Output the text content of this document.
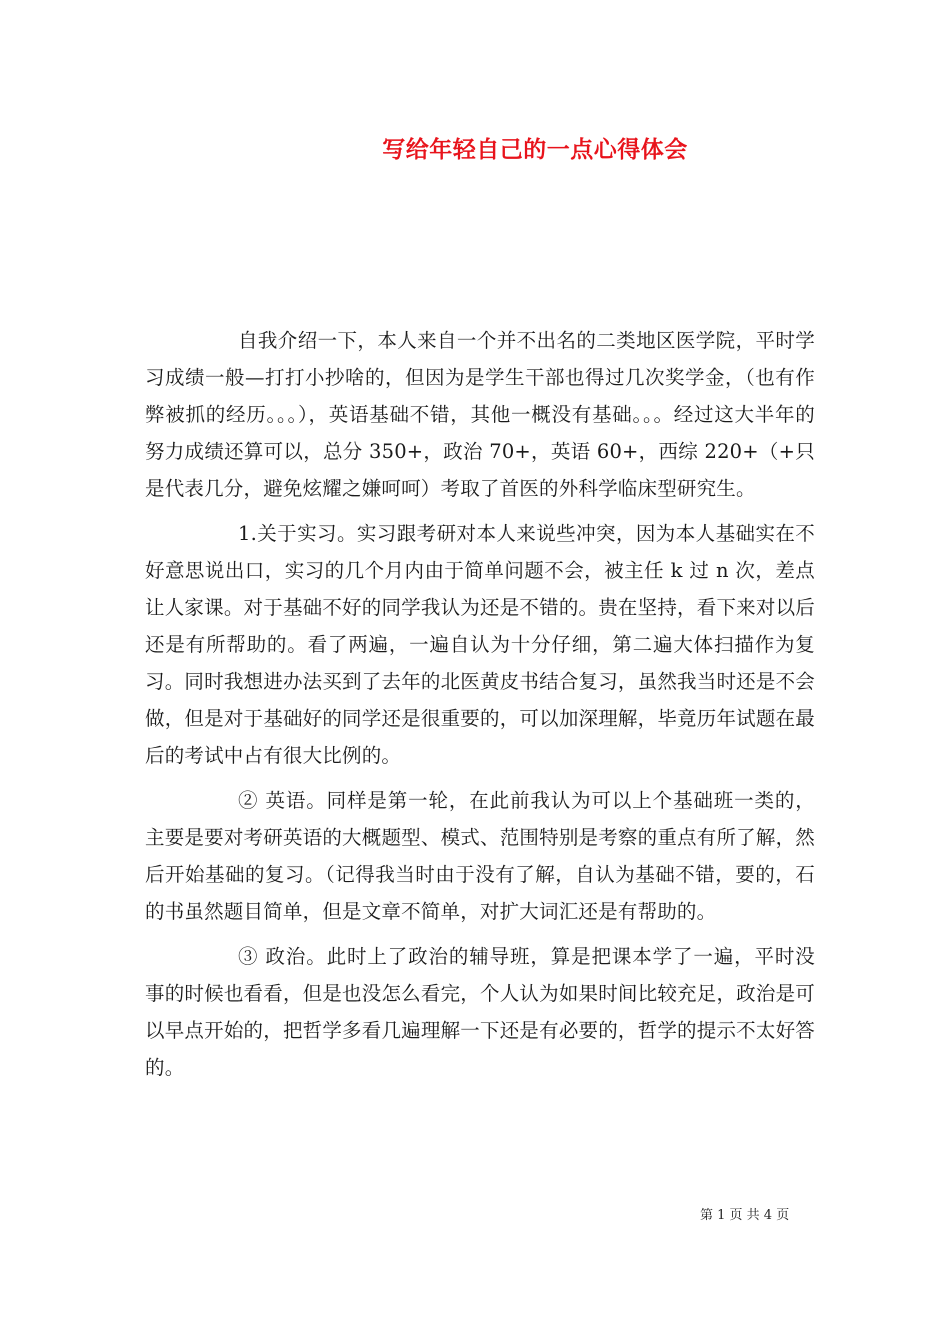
写给年轻自己的一点心得体会

自我介绍一下，本人来自一个并不出名的二类地区医学院，平时学习成绩一般—打打小抄啥的，但因为是学生干部也得过几次奖学金，（也有作弊被抓的经历。。。），英语基础不错，其他一概没有基础。。。经过这大半年的努力成绩还算可以，总分 350+，政治 70+，英语 60+，西综 220+（+只是代表几分，避免炫耀之嫌呵呵）考取了首医的外科学临床型研究生。

1.关于实习。实习跟考研对本人来说些冲突，因为本人基础实在不好意思说出口，实习的几个月内由于简单问题不会，被主任 k 过 n 次，差点让人家课。对于基础不好的同学我认为还是不错的。贵在坚持，看下来对以后还是有所帮助的。看了两遍，一遍自认为十分仔细，第二遍大体扫描作为复习。同时我想进办法买到了去年的北医黄皮书结合复习，虽然我当时还是不会做，但是对于基础好的同学还是很重要的，可以加深理解，毕竟历年试题在最后的考试中占有很大比例的。

② 英语。同样是第一轮，在此前我认为可以上个基础班一类的，主要是要对考研英语的大概题型、模式、范围特别是考察的重点有所了解，然后开始基础的复习。（记得我当时由于没有了解，自认为基础不错，要的，石的书虽然题目简单，但是文章不简单，对扩大词汇还是有帮助的。

③ 政治。此时上了政治的辅导班，算是把课本学了一遍，平时没事的时候也看看，但是也没怎么看完，个人认为如果时间比较充足，政治是可以早点开始的，把哲学多看几遍理解一下还是有必要的，哲学的提示不太好答的。

第 1 页 共 4 页
